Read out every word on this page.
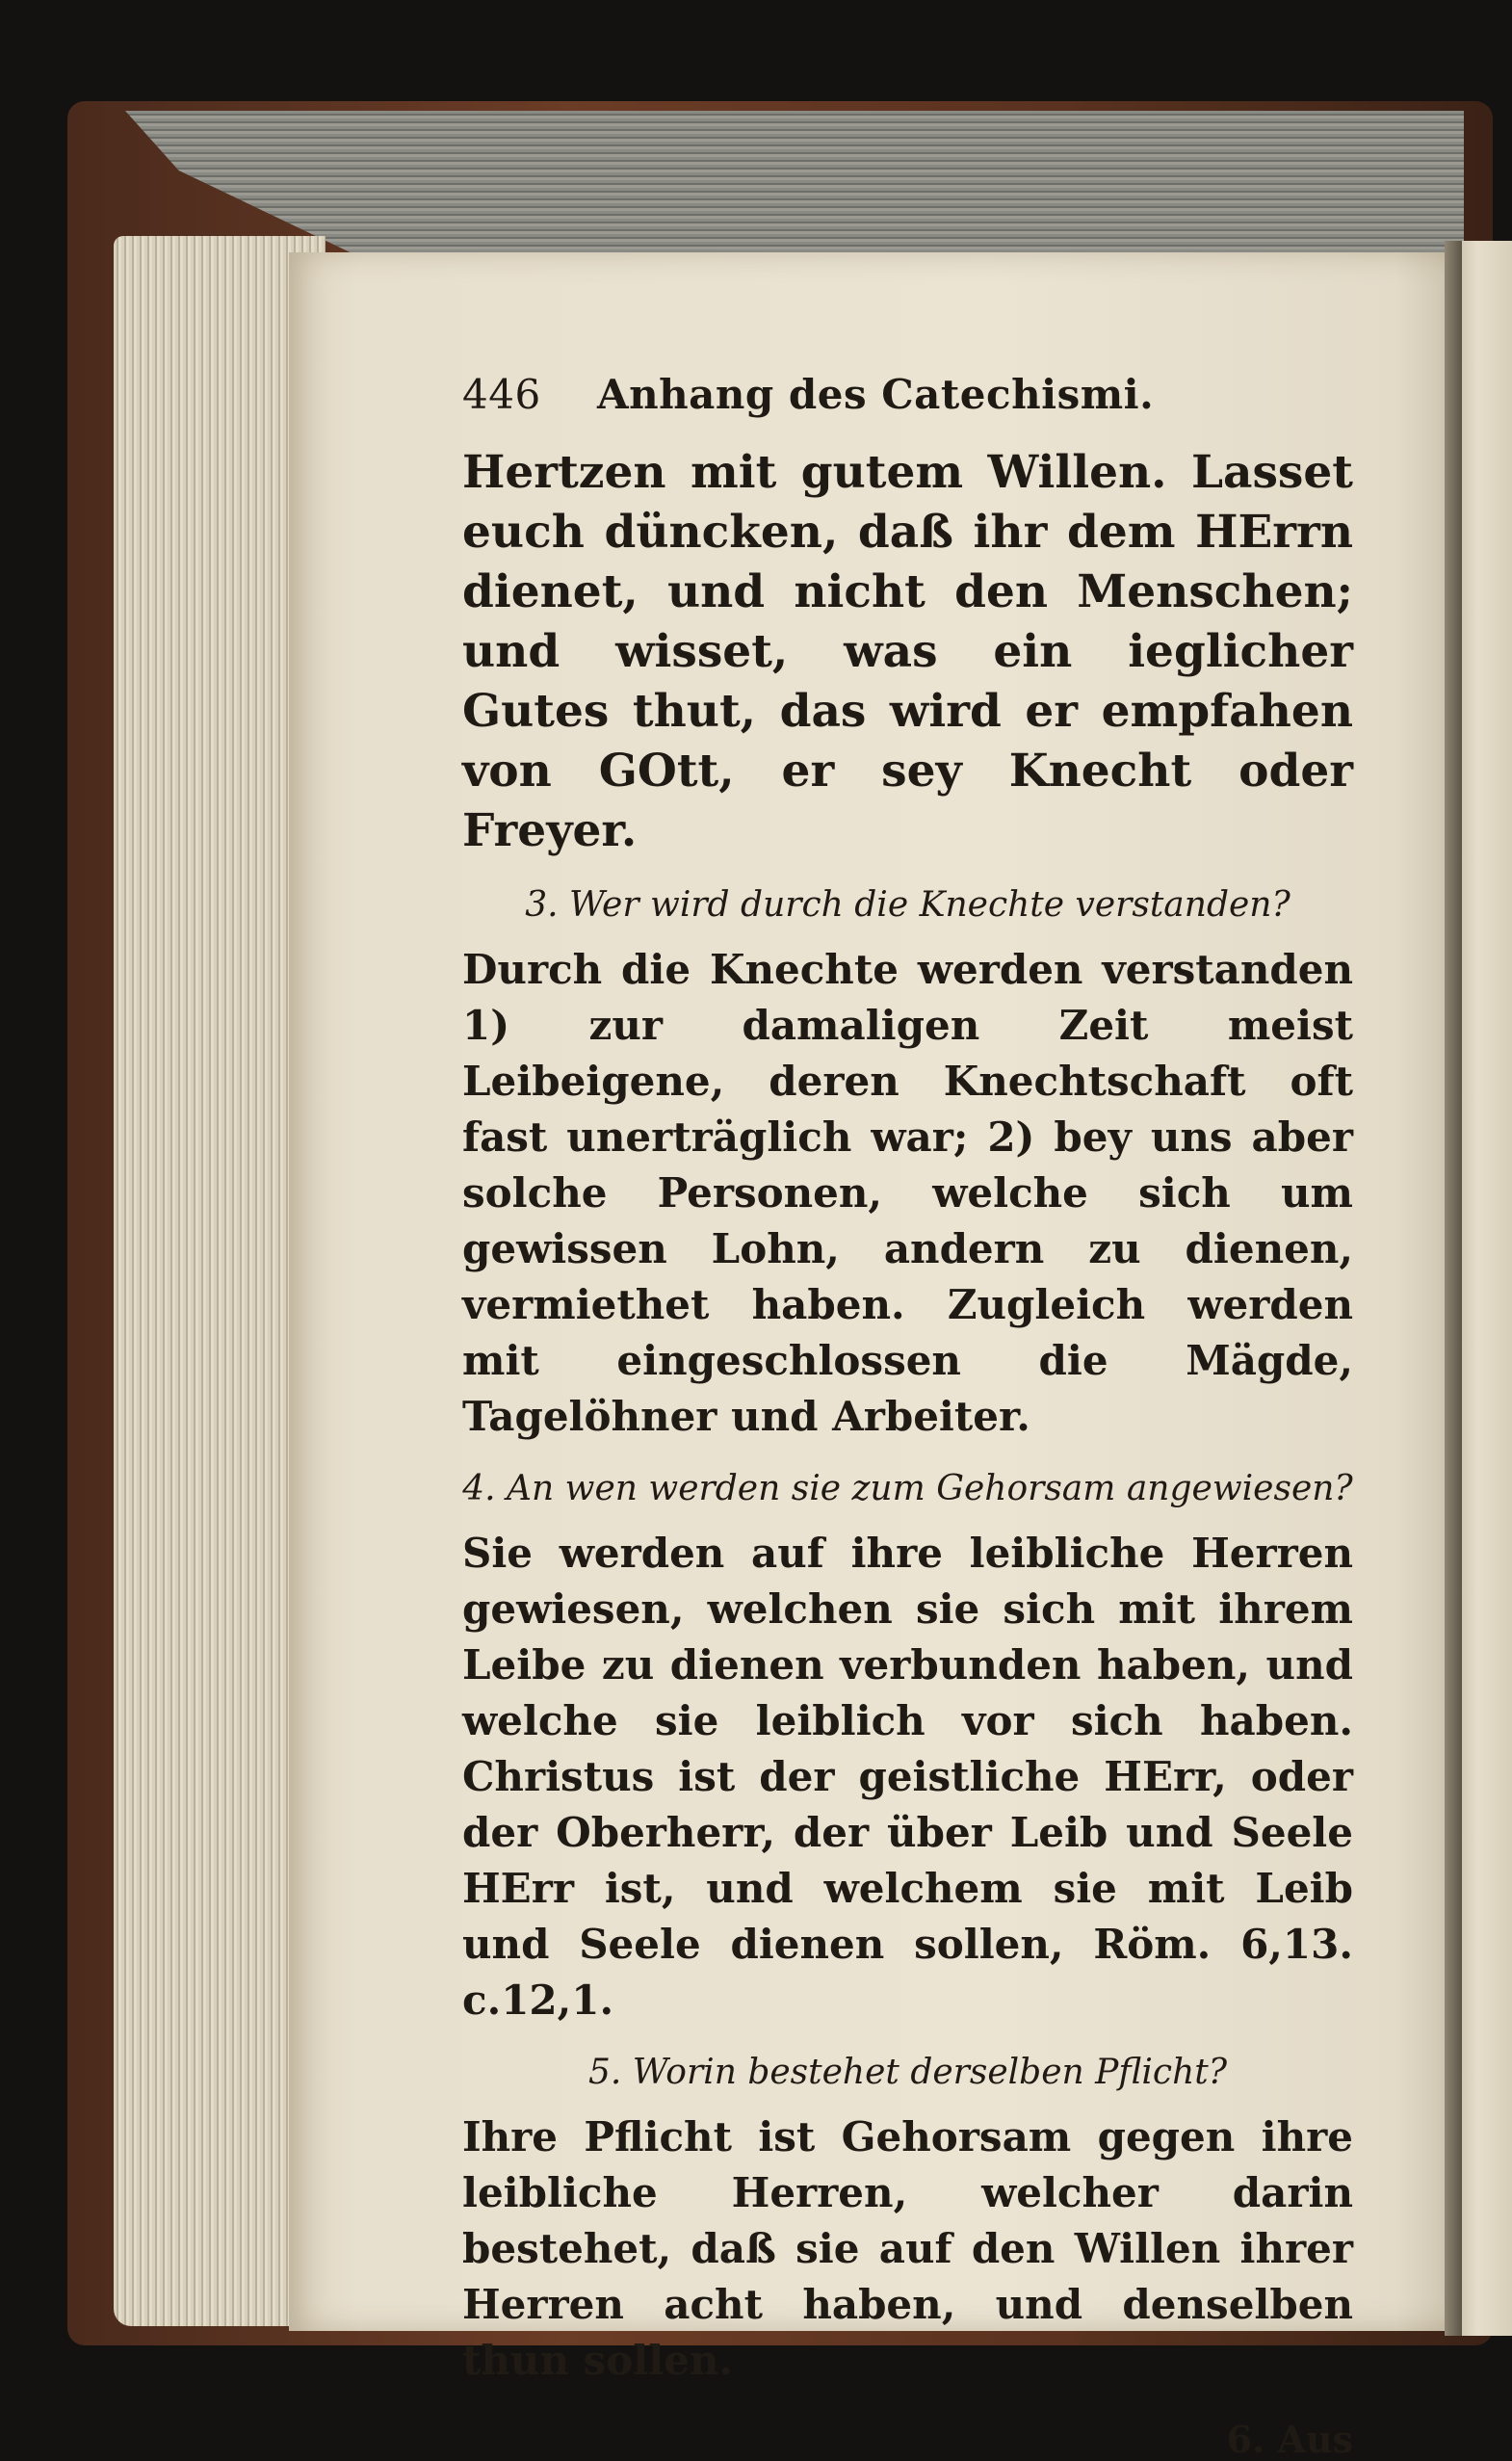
446	Anhang des Catechismi.

Hertzen mit gutem Willen. Lasset euch düncken, daß ihr dem HErrn dienet, und nicht den Menschen; und wisset, was ein ieglicher Gutes thut, das wird er empfahen von GOtt, er sey Knecht oder Freyer.

3. Wer wird durch die Knechte verstanden?

Durch die Knechte werden verstanden 1) zur damaligen Zeit meist Leibeigene, deren Knechtschaft oft fast unerträglich war; 2) bey uns aber solche Personen, welche sich um gewissen Lohn, andern zu dienen, vermiethet haben. Zugleich werden mit eingeschlossen die Mägde, Tagelöhner und Arbeiter.

4. An wen werden sie zum Gehorsam angewiesen?

Sie werden auf ihre leibliche Herren gewiesen, welchen sie sich mit ihrem Leibe zu dienen verbunden haben, und welche sie leiblich vor sich haben. Christus ist der geistliche HErr, oder der Oberherr, der über Leib und Seele HErr ist, und welchem sie mit Leib und Seele dienen sollen, Röm. 6,13. c.12,1.

5. Worin bestehet derselben Pflicht?

Ihre Pflicht ist Gehorsam gegen ihre leibliche Herren, welcher darin bestehet, daß sie auf den Willen ihrer Herren acht haben, und denselben thun sollen.

6. Aus
